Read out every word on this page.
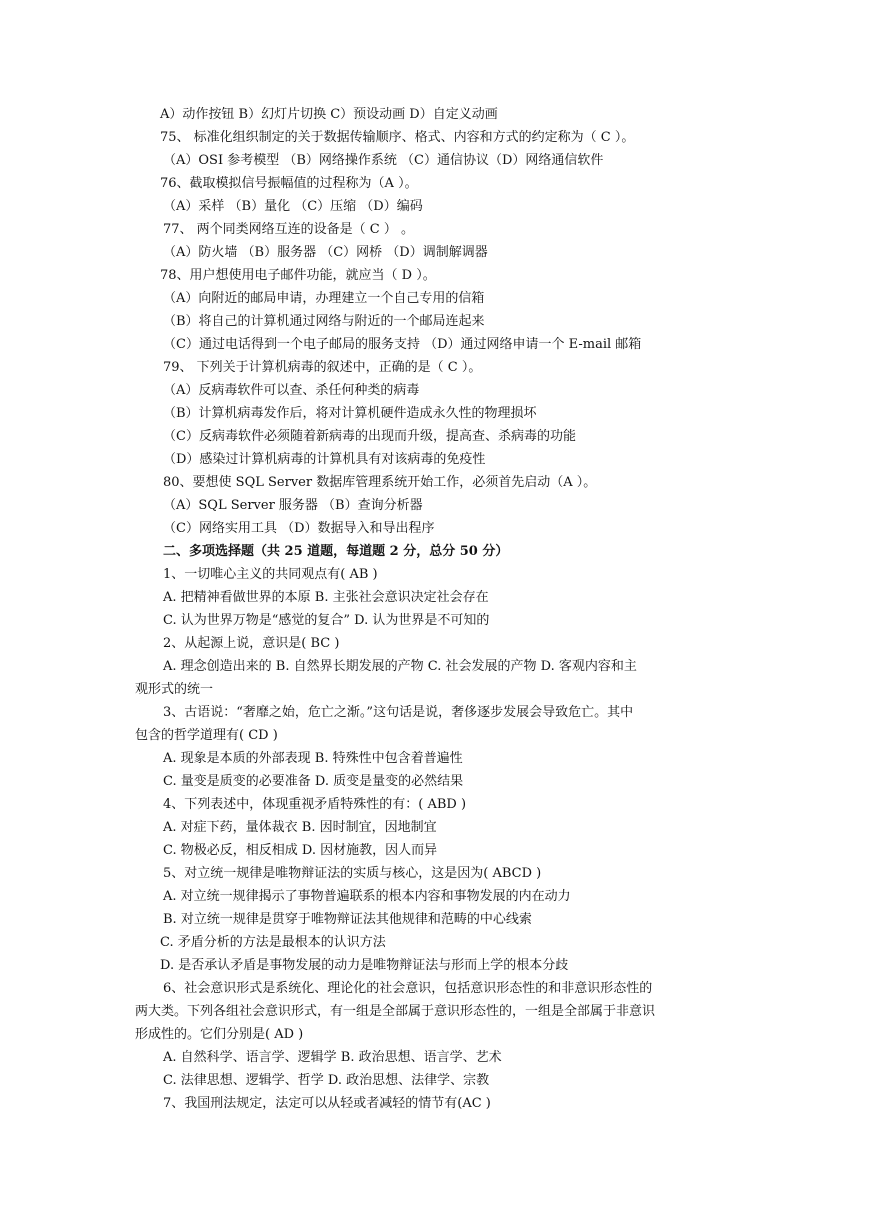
A）动作按钮 B）幻灯片切换 C）预设动画 D）自定义动画
75、 标准化组织制定的关于数据传输顺序、格式、内容和方式的约定称为（ C ）。
（A）OSI 参考模型 （B）网络操作系统 （C）通信协议（D）网络通信软件
76、截取模拟信号振幅值的过程称为（A ）。
（A）采样 （B）量化 （C）压缩 （D）编码
77、 两个同类网络互连的设备是（ C ） 。
（A）防火墙 （B）服务器 （C）网桥 （D）调制解调器
78、用户想使用电子邮件功能，就应当（ D ）。
（A）向附近的邮局申请，办理建立一个自己专用的信箱
（B）将自己的计算机通过网络与附近的一个邮局连起来
（C）通过电话得到一个电子邮局的服务支持 （D）通过网络申请一个 E-mail 邮箱
79、 下列关于计算机病毒的叙述中，正确的是（ C ）。
（A）反病毒软件可以查、杀任何种类的病毒
（B）计算机病毒发作后，将对计算机硬件造成永久性的物理损坏
（C）反病毒软件必须随着新病毒的出现而升级，提高查、杀病毒的功能
（D）感染过计算机病毒的计算机具有对该病毒的免疫性
80、要想使 SQL Server 数据库管理系统开始工作，必须首先启动（A ）。
（A）SQL Server 服务器 （B）查询分析器
（C）网络实用工具 （D）数据导入和导出程序
二、多项选择题（共 25 道题，每道题 2 分，总分 50 分）
1、一切唯心主义的共同观点有( AB )
A. 把精神看做世界的本原 B. 主张社会意识决定社会存在
C. 认为世界万物是“感觉的复合” D. 认为世界是不可知的
2、从起源上说，意识是( BC )
A. 理念创造出来的 B. 自然界长期发展的产物 C. 社会发展的产物 D. 客观内容和主
观形式的统一
3、古语说：“奢靡之始，危亡之渐。”这句话是说，奢侈逐步发展会导致危亡。其中
包含的哲学道理有( CD )
A. 现象是本质的外部表现 B. 特殊性中包含着普遍性
C. 量变是质变的必要准备 D. 质变是量变的必然结果
4、下列表述中，体现重视矛盾特殊性的有：( ABD )
A. 对症下药，量体裁衣 B. 因时制宜，因地制宜
C. 物极必反，相反相成 D. 因材施教，因人而异
5、对立统一规律是唯物辩证法的实质与核心，这是因为( ABCD )
A. 对立统一规律揭示了事物普遍联系的根本内容和事物发展的内在动力
B. 对立统一规律是贯穿于唯物辩证法其他规律和范畴的中心线索
C. 矛盾分析的方法是最根本的认识方法
D. 是否承认矛盾是事物发展的动力是唯物辩证法与形而上学的根本分歧
6、社会意识形式是系统化、理论化的社会意识，包括意识形态性的和非意识形态性的
两大类。下列各组社会意识形式，有一组是全部属于意识形态性的，一组是全部属于非意识
形成性的。它们分别是( AD )
A. 自然科学、语言学、逻辑学 B. 政治思想、语言学、艺术
C. 法律思想、逻辑学、哲学 D. 政治思想、法律学、宗教
7、我国刑法规定，法定可以从轻或者减轻的情节有(AC )
